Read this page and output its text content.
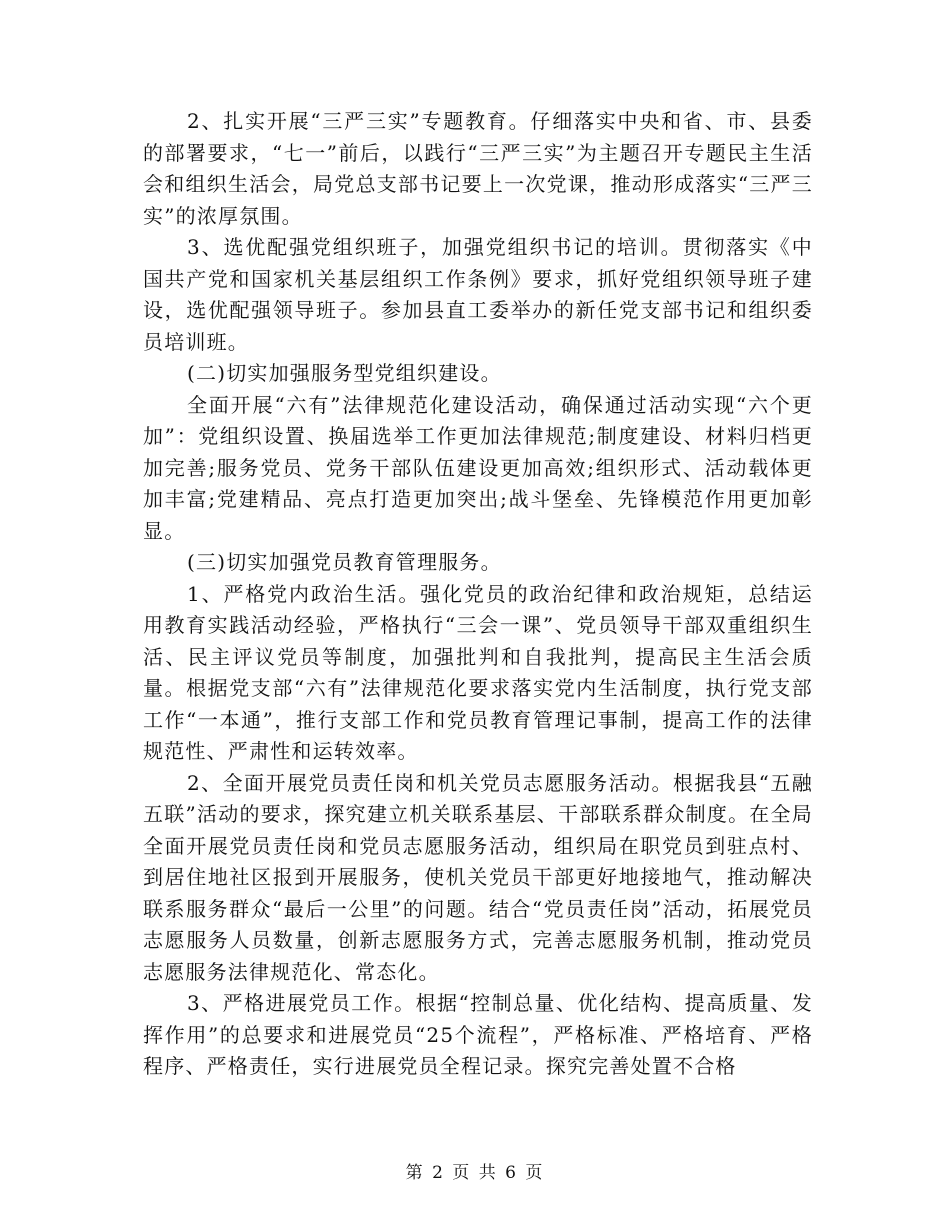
2、扎实开展“三严三实”专题教育。仔细落实中央和省、市、县委的部署要求，“七一”前后，以践行“三严三实”为主题召开专题民主生活会和组织生活会，局党总支部书记要上一次党课，推动形成落实“三严三实”的浓厚氛围。

3、选优配强党组织班子，加强党组织书记的培训。贯彻落实《中国共产党和国家机关基层组织工作条例》要求，抓好党组织领导班子建设，选优配强领导班子。参加县直工委举办的新任党支部书记和组织委员培训班。

(二)切实加强服务型党组织建设。

全面开展“六有”法律规范化建设活动，确保通过活动实现“六个更加”：党组织设置、换届选举工作更加法律规范;制度建设、材料归档更加完善;服务党员、党务干部队伍建设更加高效;组织形式、活动载体更加丰富;党建精品、亮点打造更加突出;战斗堡垒、先锋模范作用更加彰显。

(三)切实加强党员教育管理服务。

1、严格党内政治生活。强化党员的政治纪律和政治规矩，总结运用教育实践活动经验，严格执行“三会一课”、党员领导干部双重组织生活、民主评议党员等制度，加强批判和自我批判，提高民主生活会质量。根据党支部“六有”法律规范化要求落实党内生活制度，执行党支部工作“一本通”，推行支部工作和党员教育管理记事制，提高工作的法律规范性、严肃性和运转效率。

2、全面开展党员责任岗和机关党员志愿服务活动。根据我县“五融五联”活动的要求，探究建立机关联系基层、干部联系群众制度。在全局全面开展党员责任岗和党员志愿服务活动，组织局在职党员到驻点村、到居住地社区报到开展服务，使机关党员干部更好地接地气，推动解决联系服务群众“最后一公里”的问题。结合“党员责任岗”活动，拓展党员志愿服务人员数量，创新志愿服务方式，完善志愿服务机制，推动党员志愿服务法律规范化、常态化。

3、严格进展党员工作。根据“控制总量、优化结构、提高质量、发挥作用”的总要求和进展党员“25个流程”，严格标准、严格培育、严格程序、严格责任，实行进展党员全程记录。探究完善处置不合格

第 2 页 共 6 页
